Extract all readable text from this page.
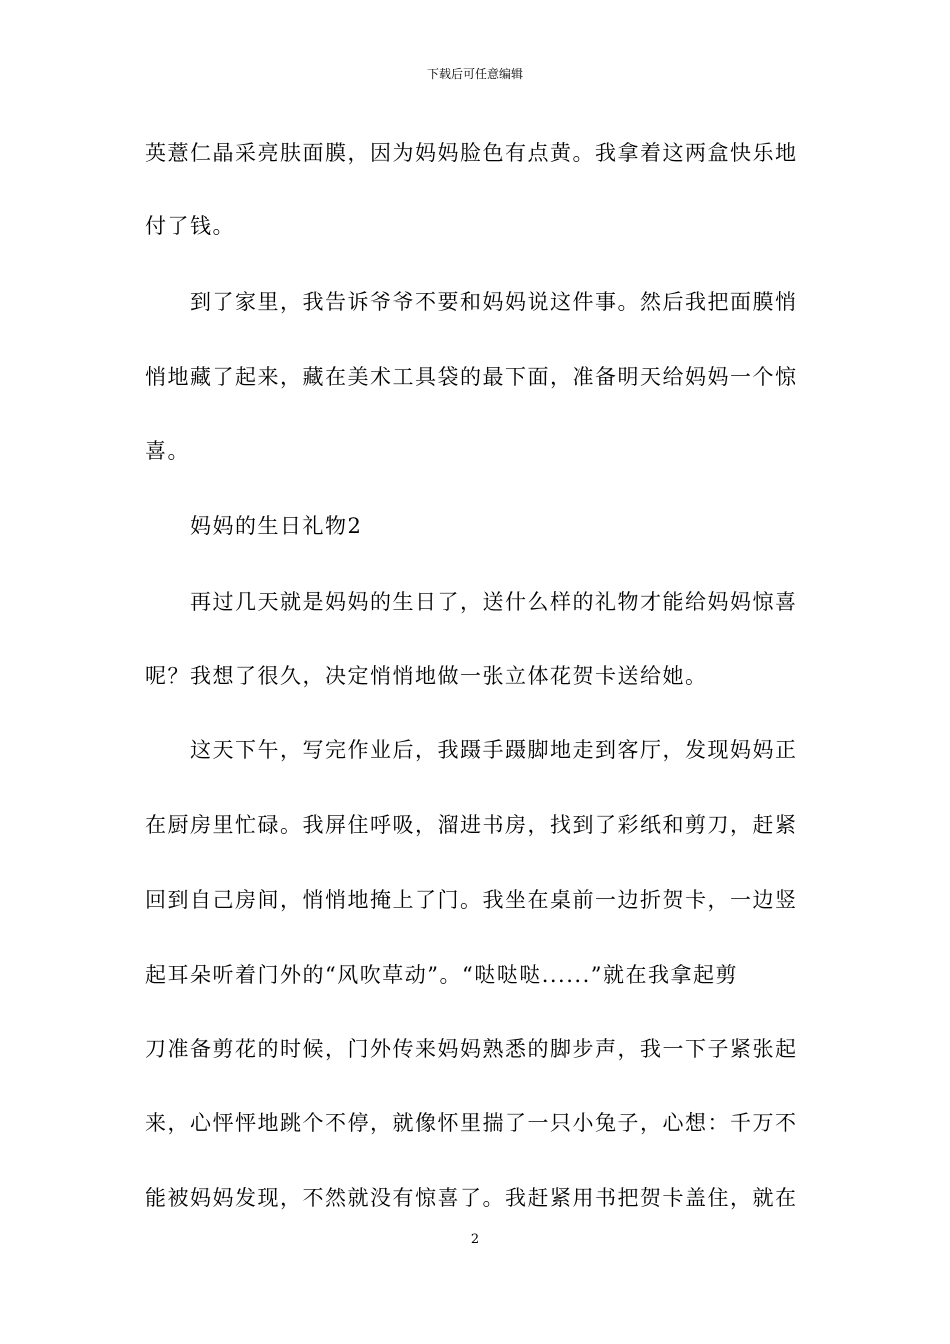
下载后可任意编辑
英薏仁晶采亮肤面膜，因为妈妈脸色有点黄。我拿着这两盒快乐地
付了钱。
　　到了家里，我告诉爷爷不要和妈妈说这件事。然后我把面膜悄
悄地藏了起来，藏在美术工具袋的最下面，准备明天给妈妈一个惊
喜。
　　妈妈的生日礼物2
　　再过几天就是妈妈的生日了，送什么样的礼物才能给妈妈惊喜
呢？我想了很久，决定悄悄地做一张立体花贺卡送给她。
　　这天下午，写完作业后，我蹑手蹑脚地走到客厅，发现妈妈正
在厨房里忙碌。我屏住呼吸，溜进书房，找到了彩纸和剪刀，赶紧
回到自己房间，悄悄地掩上了门。我坐在桌前一边折贺卡，一边竖
起耳朵听着门外的“风吹草动”。“哒哒哒......”就在我拿起剪
刀准备剪花的时候，门外传来妈妈熟悉的脚步声，我一下子紧张起
来，心怦怦地跳个不停，就像怀里揣了一只小兔子，心想：千万不
能被妈妈发现，不然就没有惊喜了。我赶紧用书把贺卡盖住，就在
2
